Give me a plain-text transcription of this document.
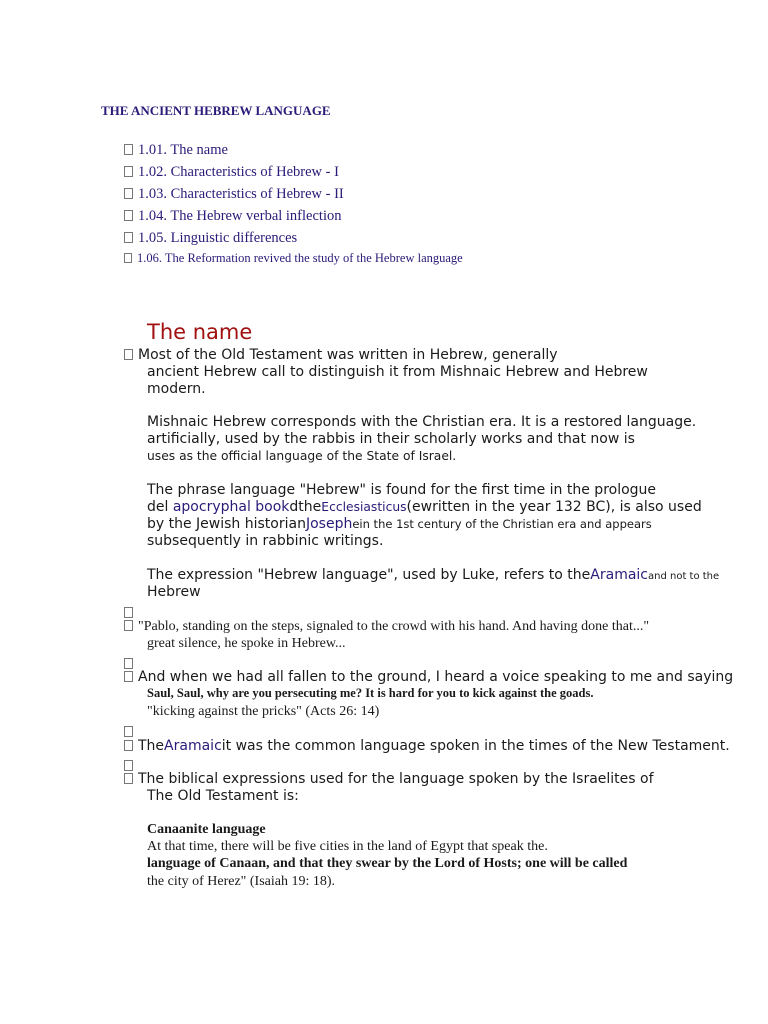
THE ANCIENT HEBREW LANGUAGE
1.01. The name
1.02. Characteristics of Hebrew - I
1.03. Characteristics of Hebrew - II
1.04. The Hebrew verbal inflection
1.05. Linguistic differences
1.06. The Reformation revived the study of the Hebrew language
The name
Most of the Old Testament was written in Hebrew, generally
ancient Hebrew call to distinguish it from Mishnaic Hebrew and Hebrew
modern.
Mishnaic Hebrew corresponds with the Christian era. It is a restored language.
artificially, used by the rabbis in their scholarly works and that now is
uses as the official language of the State of Israel.
The phrase language "Hebrew" is found for the first time in the prologue
del apocryphal bookdtheEcclesiasticus(ewritten in the year 132 BC), is also used
by the Jewish historianJosephein the 1st century of the Christian era and appears
subsequently in rabbinic writings.
The expression "Hebrew language", used by Luke, refers to theAramaicand not to the
Hebrew
"Pablo, standing on the steps, signaled to the crowd with his hand. And having done that..."
great silence, he spoke in Hebrew...
And when we had all fallen to the ground, I heard a voice speaking to me and saying
Saul, Saul, why are you persecuting me? It is hard for you to kick against the goads.
"kicking against the pricks" (Acts 26: 14)
TheAramaicit was the common language spoken in the times of the New Testament.
The biblical expressions used for the language spoken by the Israelites of
The Old Testament is:
Canaanite language
At that time, there will be five cities in the land of Egypt that speak the.
language of Canaan, and that they swear by the Lord of Hosts; one will be called
the city of Herez" (Isaiah 19: 18).
